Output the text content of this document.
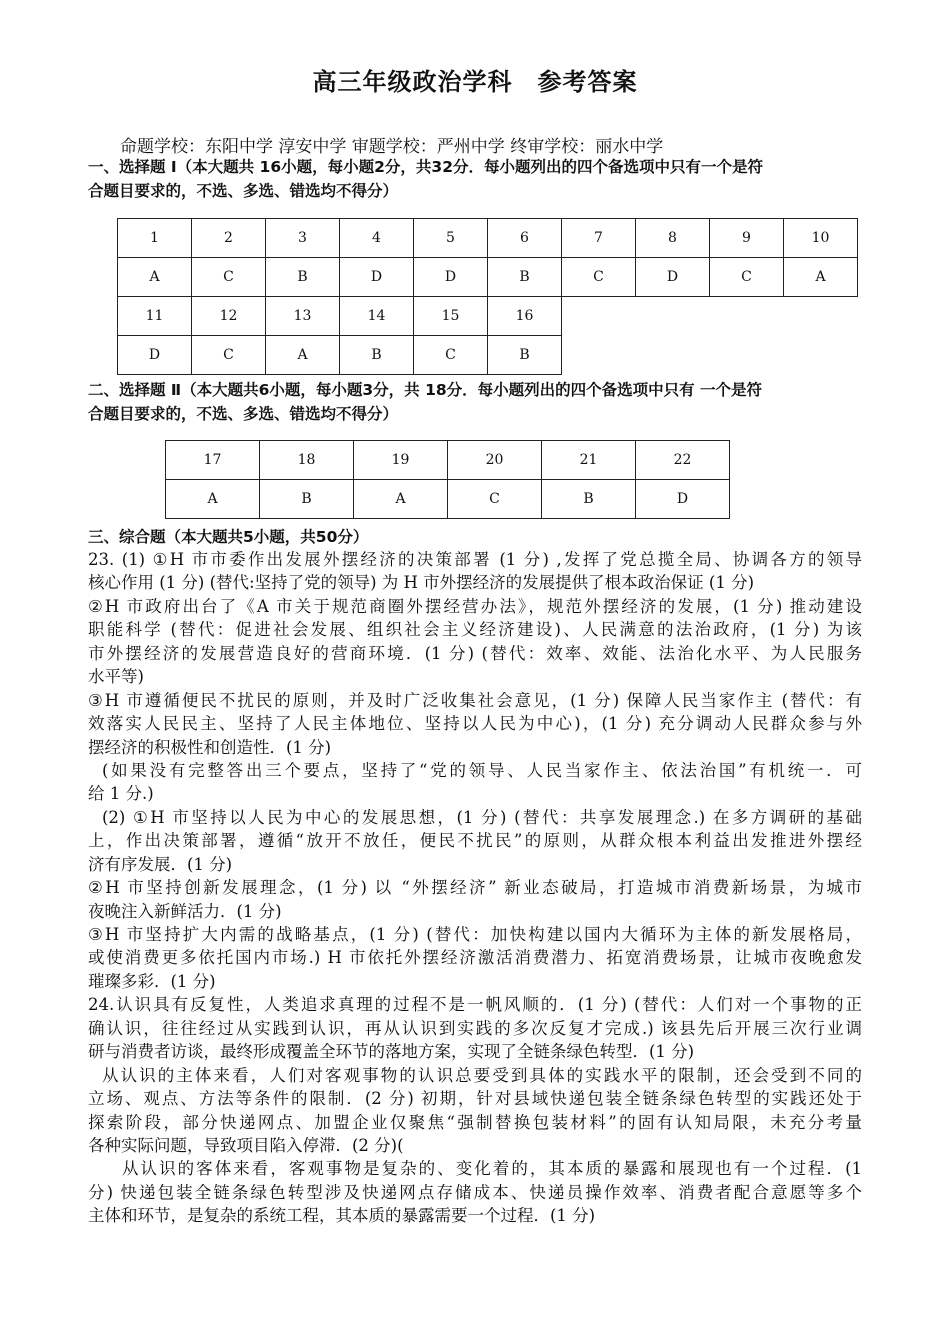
高三年级政治学科　参考答案
命题学校：东阳中学 淳安中学 审题学校：严州中学 终审学校：丽水中学
一、选择题 Ⅰ（本大题共 16小题，每小题2分，共32分．每小题列出的四个备选项中只有一个是符
合题目要求的，不选、多选、错选均不得分）
1	2	3	4	5	6	7	8	9	10
A	C	B	D	D	B	C	D	C	A
11	12	13	14	15	16				
D	C	A	B	C	B				
二、选择题 Ⅱ（本大题共6小题，每小题3分，共 18分．每小题列出的四个备选项中只有 一个是符
合题目要求的，不选、多选、错选均不得分）
17	18	19	20	21	22
A	B	A	C	B	D
三、综合题（本大题共5小题，共50分）
23. (1) ①H 市市委作出发展外摆经济的决策部署 (1 分) ,发挥了党总揽全局、协调各方的领导
核心作用 (1 分) (替代:坚持了党的领导) 为 H 市外摆经济的发展提供了根本政治保证 (1 分)
②H 市政府出台了《A 市关于规范商圈外摆经营办法》，规范外摆经济的发展，(1 分) 推动建设
职能科学 (替代：促进社会发展、组织社会主义经济建设)、人民满意的法治政府，(1 分) 为该
市外摆经济的发展营造良好的营商环境．(1 分) (替代：效率、效能、法治化水平、为人民服务
水平等)
③H 市遵循便民不扰民的原则，并及时广泛收集社会意见，(1 分) 保障人民当家作主 (替代：有
效落实人民民主、坚持了人民主体地位、坚持以人民为中心)，(1 分) 充分调动人民群众参与外
摆经济的积极性和创造性．(1 分)
(如果没有完整答出三个要点，坚持了“党的领导、人民当家作主、依法治国”有机统一．可
给 1 分.)
(2) ①H 市坚持以人民为中心的发展思想，(1 分) (替代：共享发展理念.) 在多方调研的基础
上，作出决策部署，遵循“放开不放任，便民不扰民”的原则，从群众根本利益出发推进外摆经
济有序发展．(1 分)
②H 市坚持创新发展理念，(1 分) 以 “外摆经济” 新业态破局，打造城市消费新场景，为城市
夜晚注入新鲜活力．(1 分)
③H 市坚持扩大内需的战略基点，(1 分) (替代：加快构建以国内大循环为主体的新发展格局，
或使消费更多依托国内市场.) H 市依托外摆经济激活消费潜力、拓宽消费场景，让城市夜晚愈发
璀璨多彩．(1 分)
24.认识具有反复性，人类追求真理的过程不是一帆风顺的．(1 分) (替代：人们对一个事物的正
确认识，往往经过从实践到认识，再从认识到实践的多次反复才完成.) 该县先后开展三次行业调
研与消费者访谈，最终形成覆盖全环节的落地方案，实现了全链条绿色转型．(1 分)
从认识的主体来看，人们对客观事物的认识总要受到具体的实践水平的限制，还会受到不同的
立场、观点、方法等条件的限制．(2 分) 初期，针对县域快递包装全链条绿色转型的实践还处于
探索阶段，部分快递网点、加盟企业仅聚焦“强制替换包装材料”的固有认知局限，未充分考量
各种实际问题，导致项目陷入停滞．(2 分)(
从认识的客体来看，客观事物是复杂的、变化着的，其本质的暴露和展现也有一个过程．(1
分) 快递包装全链条绿色转型涉及快递网点存储成本、快递员操作效率、消费者配合意愿等多个
主体和环节，是复杂的系统工程，其本质的暴露需要一个过程．(1 分)
